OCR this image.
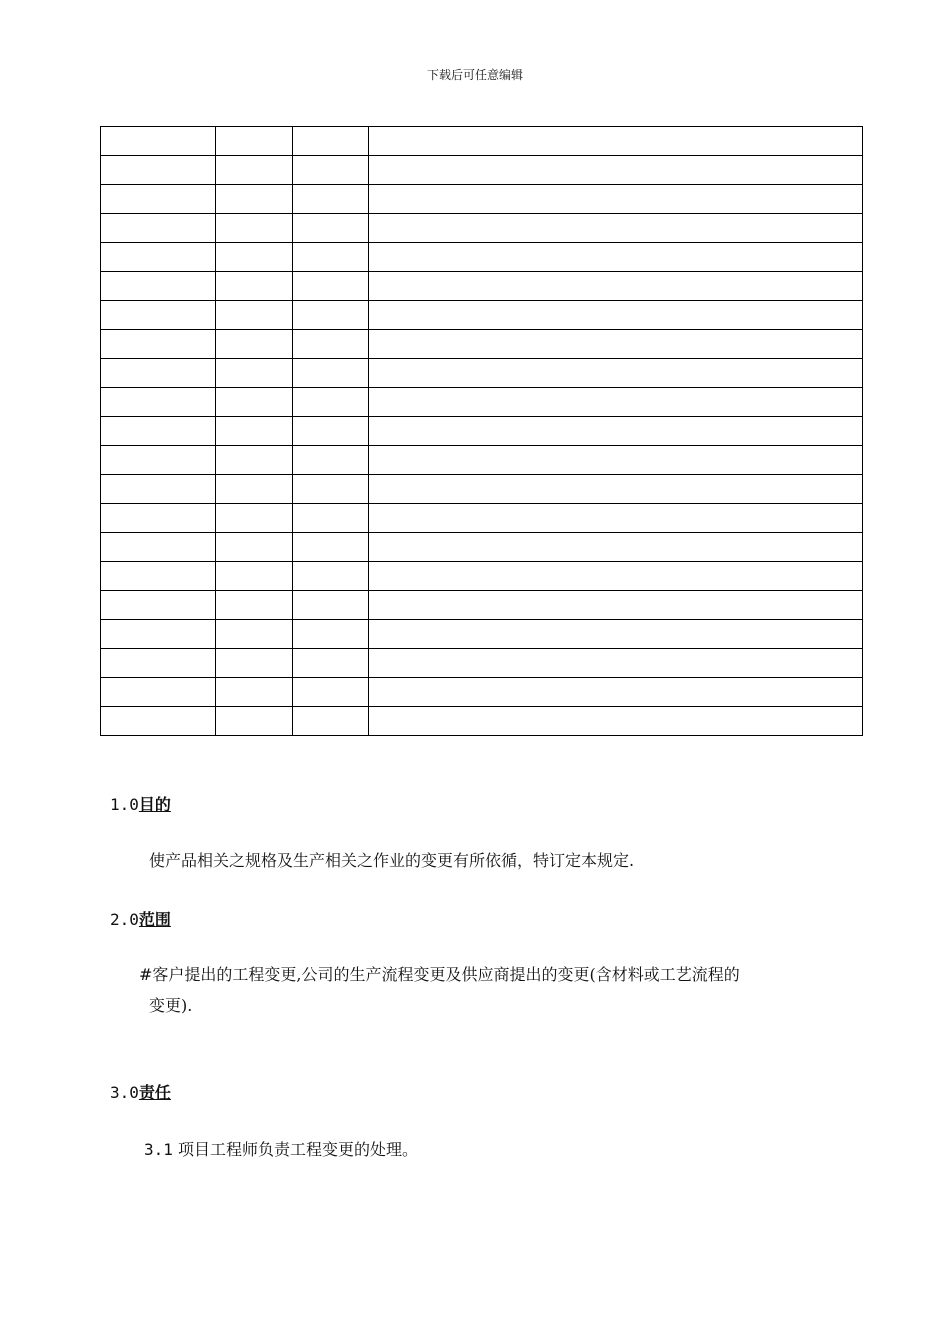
下载后可任意编辑

1.0目的
使产品相关之规格及生产相关之作业的变更有所依循，特订定本规定.
2.0范围
#客户提出的工程变更,公司的生产流程变更及供应商提出的变更(含材料或工艺流程的
变更).
3.0责任
3.1 项目工程师负责工程变更的处理。
